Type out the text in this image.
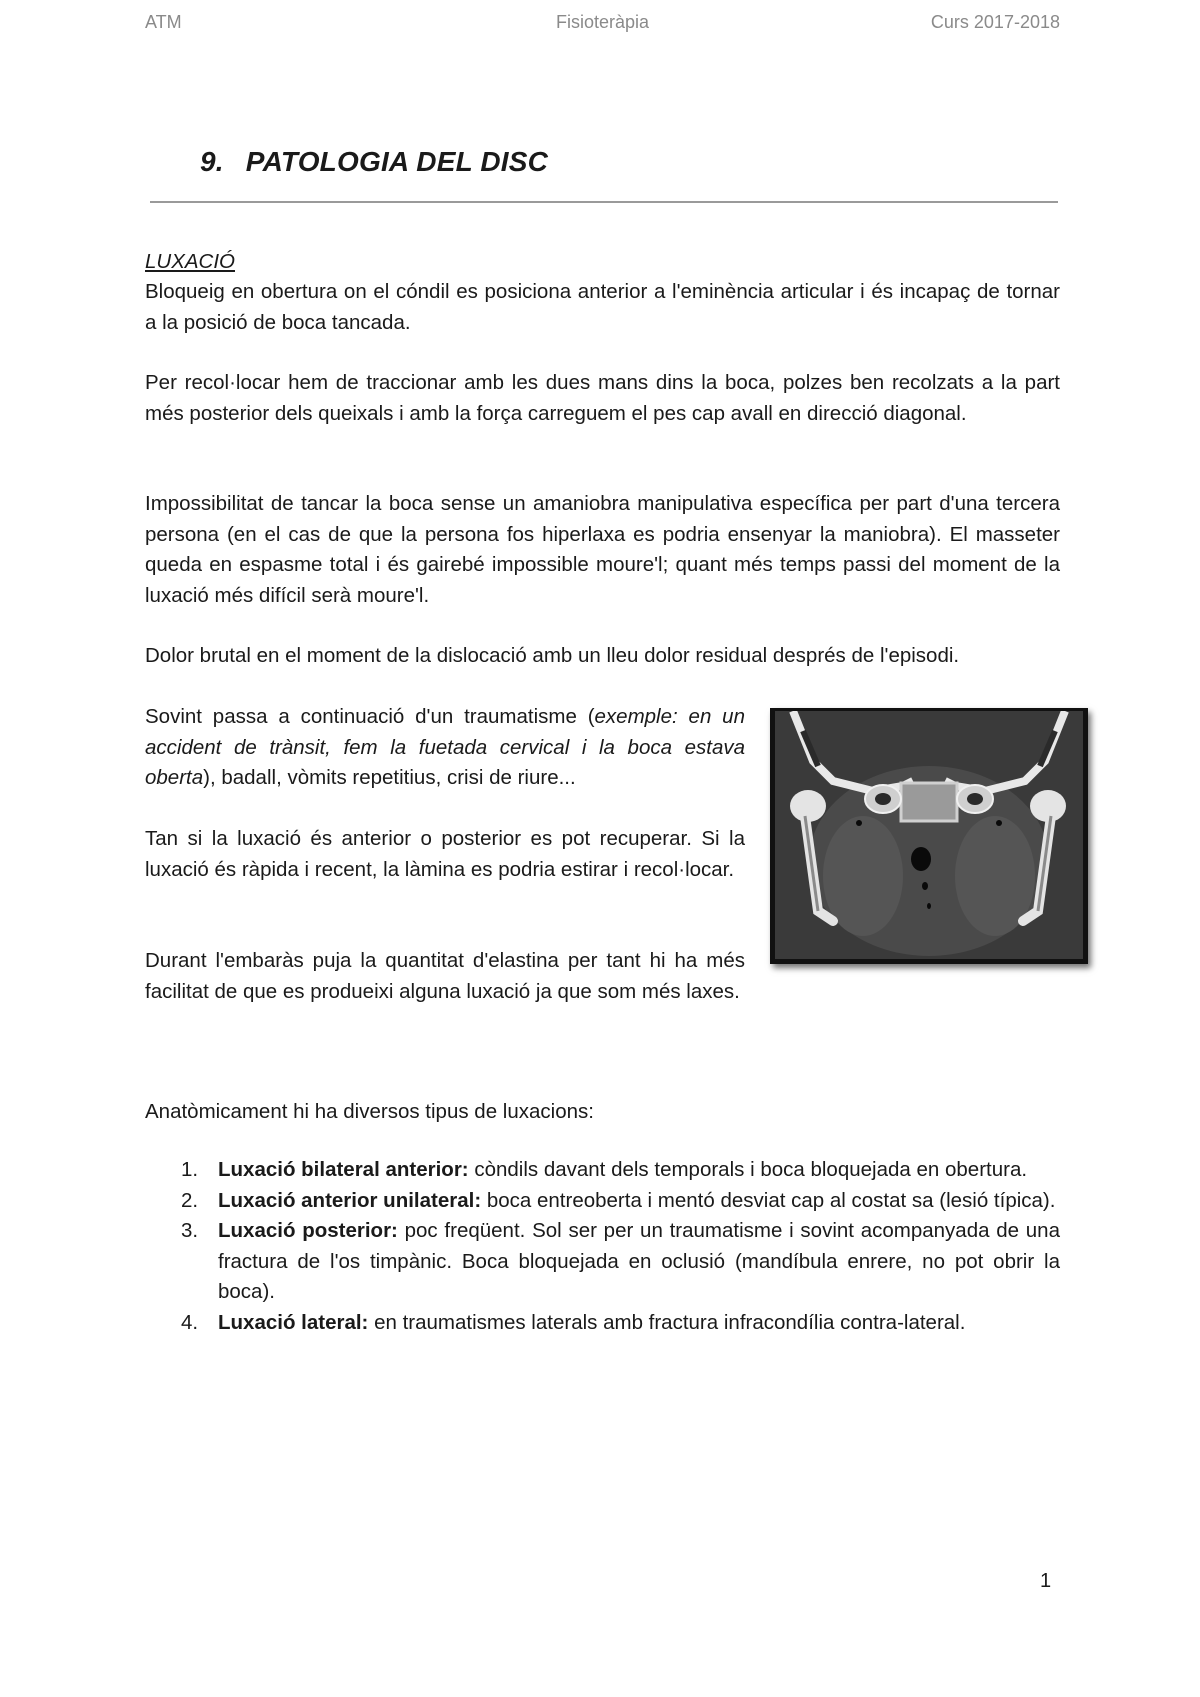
ATM	Fisioteràpia	Curs 2017-2018
9. PATOLOGIA DEL DISC

LUXACIÓ

Bloqueig en obertura on el cóndil es posiciona anterior a l'eminència articular i és incapaç de tornar a la posició de boca tancada.

Per recol·locar hem de traccionar amb les dues mans dins la boca, polzes ben recolzats a la part més posterior dels queixals i amb la força carreguem el pes cap avall en direcció diagonal.

Impossibilitat de tancar la boca sense un amaniobra manipulativa específica per part d'una tercera persona (en el cas de que la persona fos hiperlaxa es podria ensenyar la maniobra). El masseter queda en espasme total i és gairebé impossible moure'l; quant més temps passi del moment de la luxació més difícil serà moure'l.

Dolor brutal en el moment de la dislocació amb un lleu dolor residual després de l'episodi.

Sovint passa a continuació d'un traumatisme (exemple: en un accident de trànsit, fem la fuetada cervical i la boca estava oberta), badall, vòmits repetitius, crisi de riure...

Tan si la luxació és anterior o posterior es pot recuperar. Si la luxació és ràpida i recent, la làmina es podria estirar i recol·locar.

Durant l'embaràs puja la quantitat d'elastina per tant hi ha més facilitat de que es produeixi alguna luxació ja que som més laxes.

Anatòmicament hi ha diversos tipus de luxacions:

1. Luxació bilateral anterior: còndils davant dels temporals i boca bloquejada en obertura.
2. Luxació anterior unilateral: boca entreoberta i mentó desviat cap al costat sa (lesió típica).
3. Luxació posterior: poc freqüent. Sol ser per un traumatisme i sovint acompanyada de una fractura de l'os timpànic. Boca bloquejada en oclusió (mandíbula enrere, no pot obrir la boca).
4. Luxació lateral: en traumatismes laterals amb fractura infracondília contra-lateral.
1
